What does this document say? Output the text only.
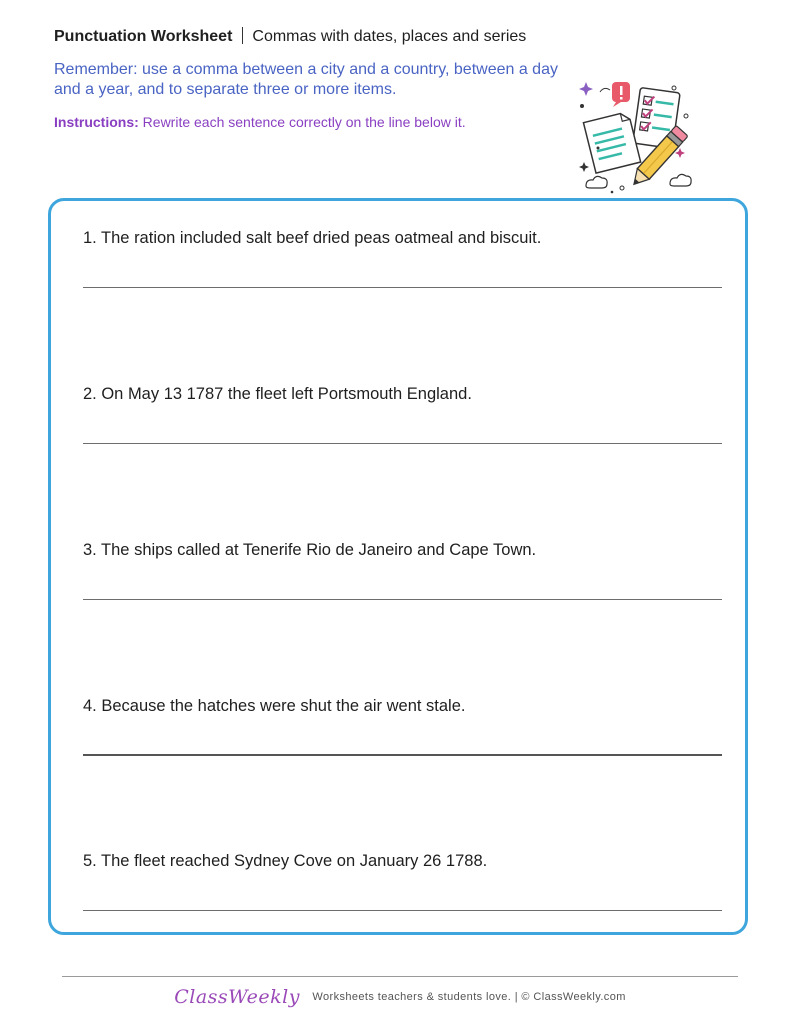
Punctuation Worksheet Commas with dates, places and series
Remember: use a comma between a city and a country, between a day and a year, and to separate three or more items.
Instructions: Rewrite each sentence correctly on the line below it.
1. The ration included salt beef dried peas oatmeal and biscuit.
2. On May 13 1787 the fleet left Portsmouth England.
3. The ships called at Tenerife Rio de Janeiro and Cape Town.
4. Because the hatches were shut the air went stale.
5. The fleet reached Sydney Cove on January 26 1788.
ClassWeekly Worksheets teachers & students love. | © ClassWeekly.com
